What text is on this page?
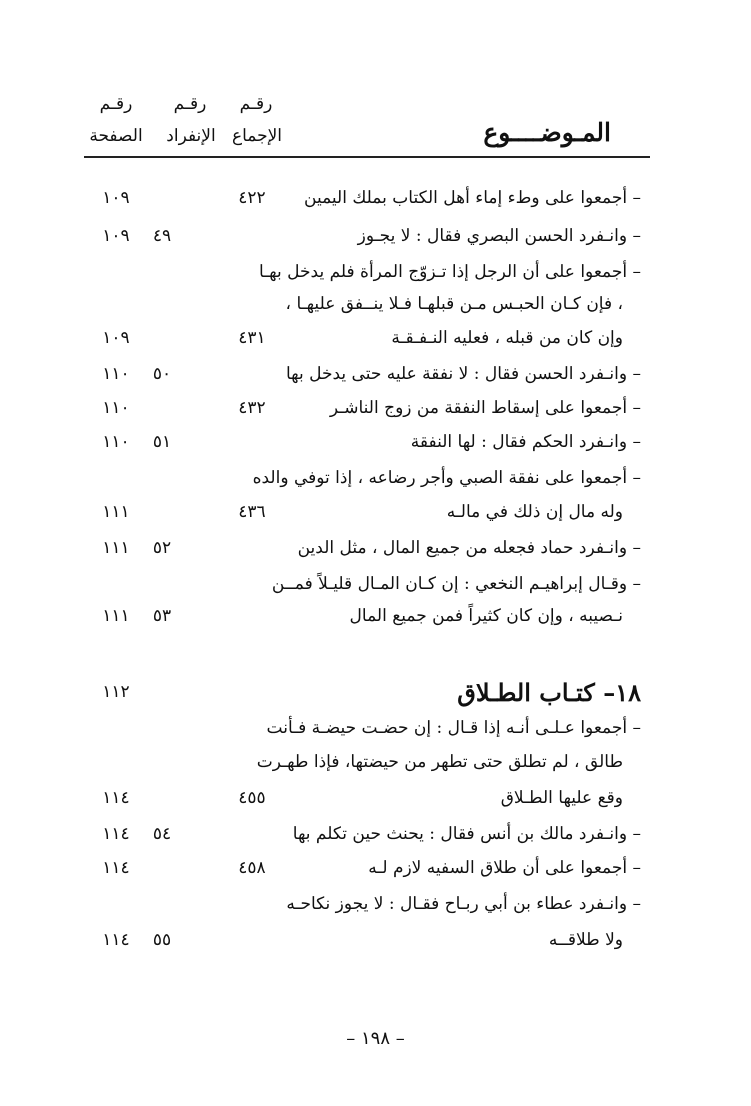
رقـم
الصفحة
رقـم
الإنفراد
رقـم
الإجماع	المـوضــــوع
– أجمعوا على وطء إماء أهل الكتاب بملك اليمين
٤٢٢
١٠٩
– وانـفرد الحسن البصري فقال : لا يجـوز
٤٩
١٠٩
– أجمعوا على أن الرجل إذا تـزوّج المرأة فلم يدخل بهـا
، فإن كـان الحبـس مـن قبلهـا فـلا ينــفق عليهـا ،
وإن كان من قبله ، فعليه النـفـقـة
٤٣١
١٠٩
– وانـفرد الحسن فقال : لا نفقة عليه حتى يدخل بها
٥٠
١١٠
– أجمعوا على إسقاط النفقة من زوج الناشـر
٤٣٢
١١٠
– وانـفرد الحكم فقال : لها النفقة
٥١
١١٠
– أجمعوا على نفقة الصبي وأجر رضاعه ، إذا توفي والده
وله مال إن ذلك في مالـه
٤٣٦
١١١
– وانـفرد حماد فجعله من جميع المال ، مثل الدين
٥٢
١١١
– وقـال إبراهيـم النخعي : إن كـان المـال قليـلاً فمــن
نـصيبه ، وإن كان كثيراً فمن جميع المال
٥٣
١١١
١٨– كتـاب الطـلاق
١١٢
– أجمعوا عـلـى أنـه إذا قـال : إن حضـت حيضـة فـأنت
طالق ، لم تطلق حتى تطهر من حيضتها، فإذا طهـرت
وقع عليها الطـلاق
٤٥٥
١١٤
– وانـفرد مالك بن أنس فقال : يحنث حين تكلم بها
٥٤
١١٤
– أجمعوا على أن طلاق السفيه لازم لـه
٤٥٨
١١٤
– وانـفرد عطاء بن أبي ربـاح فقـال : لا يجوز نكاحـه
ولا طلاقــه
٥٥
١١٤
– ١٩٨ –
